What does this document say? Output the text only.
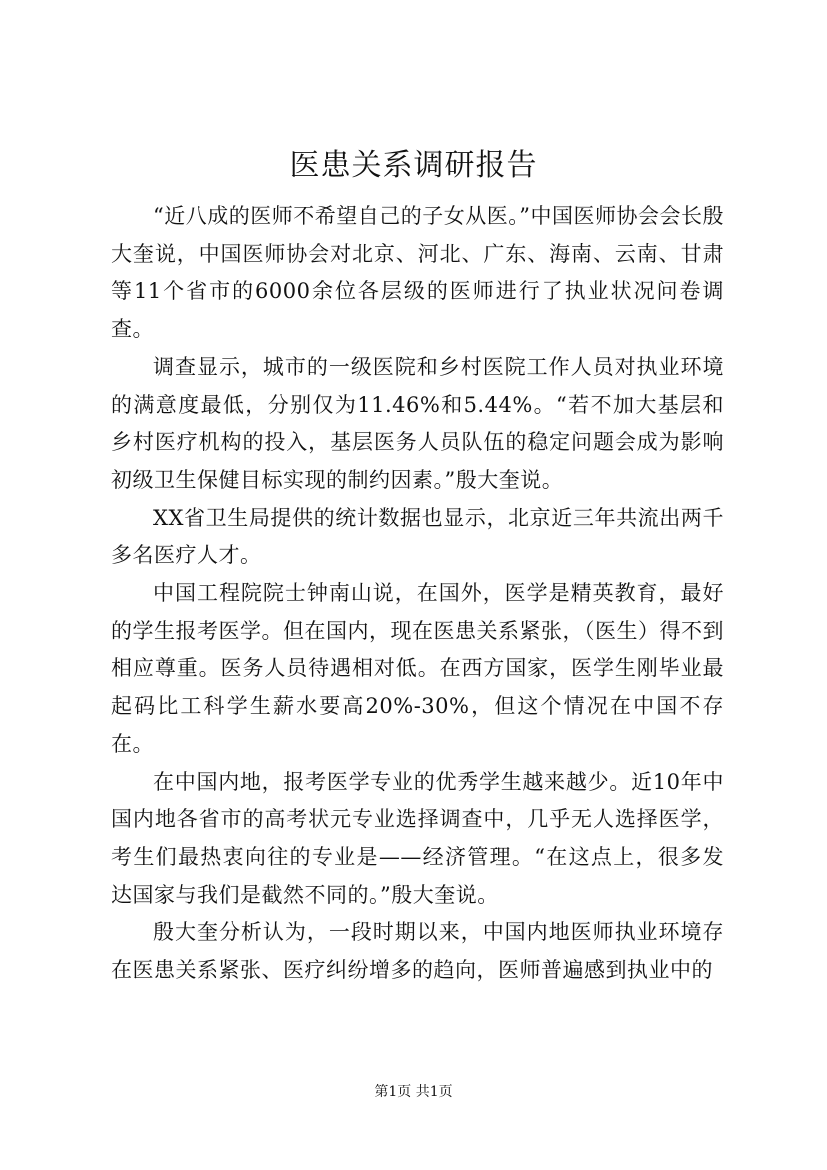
医患关系调研报告

“近八成的医师不希望自己的子女从医。”中国医师协会会长殷大奎说，中国医师协会对北京、河北、广东、海南、云南、甘肃等11个省市的6000余位各层级的医师进行了执业状况问卷调查。

调查显示，城市的一级医院和乡村医院工作人员对执业环境的满意度最低，分别仅为11.46%和5.44%。“若不加大基层和乡村医疗机构的投入，基层医务人员队伍的稳定问题会成为影响初级卫生保健目标实现的制约因素。”殷大奎说。

XX省卫生局提供的统计数据也显示，北京近三年共流出两千多名医疗人才。

中国工程院院士钟南山说，在国外，医学是精英教育，最好的学生报考医学。但在国内，现在医患关系紧张，（医生）得不到相应尊重。医务人员待遇相对低。在西方国家，医学生刚毕业最起码比工科学生薪水要高20%-30%，但这个情况在中国不存在。

在中国内地，报考医学专业的优秀学生越来越少。近10年中国内地各省市的高考状元专业选择调查中，几乎无人选择医学，考生们最热衷向往的专业是——经济管理。“在这点上，很多发达国家与我们是截然不同的。”殷大奎说。

殷大奎分析认为，一段时期以来，中国内地医师执业环境存在医患关系紧张、医疗纠纷增多的趋向，医师普遍感到执业中的

第1页 共1页
